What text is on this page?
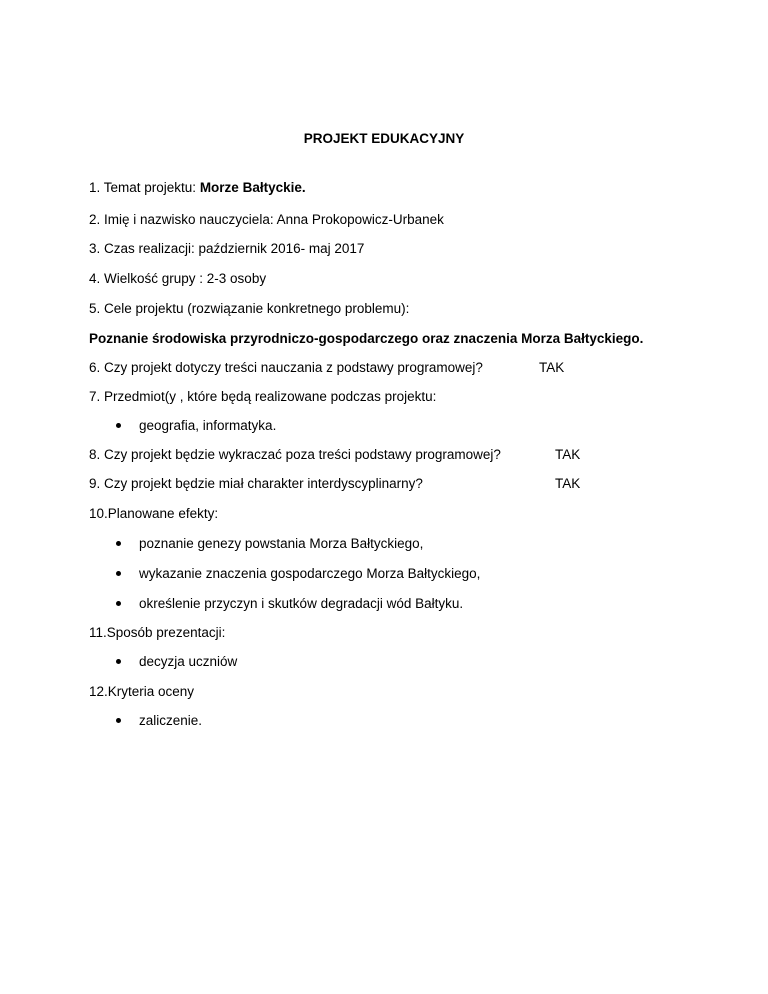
PROJEKT EDUKACYJNY
1. Temat projektu: Morze Bałtyckie.
2. Imię i nazwisko nauczyciela: Anna Prokopowicz-Urbanek
3. Czas realizacji: październik 2016- maj 2017
4. Wielkość grupy : 2-3 osoby
5. Cele projektu (rozwiązanie konkretnego problemu):
Poznanie środowiska przyrodniczo-gospodarczego oraz znaczenia Morza Bałtyckiego.
6. Czy projekt dotyczy treści nauczania z podstawy programowej?	TAK
7. Przedmiot(y , które będą realizowane podczas projektu:
geografia, informatyka.
8. Czy projekt będzie wykraczać poza treści podstawy programowej?	TAK
9. Czy projekt będzie miał charakter interdyscyplinarny?	TAK
10.Planowane efekty:
poznanie genezy powstania Morza Bałtyckiego,
wykazanie znaczenia gospodarczego Morza Bałtyckiego,
określenie przyczyn i skutków degradacji wód Bałtyku.
11.Sposób prezentacji:
decyzja uczniów
12.Kryteria oceny
zaliczenie.
